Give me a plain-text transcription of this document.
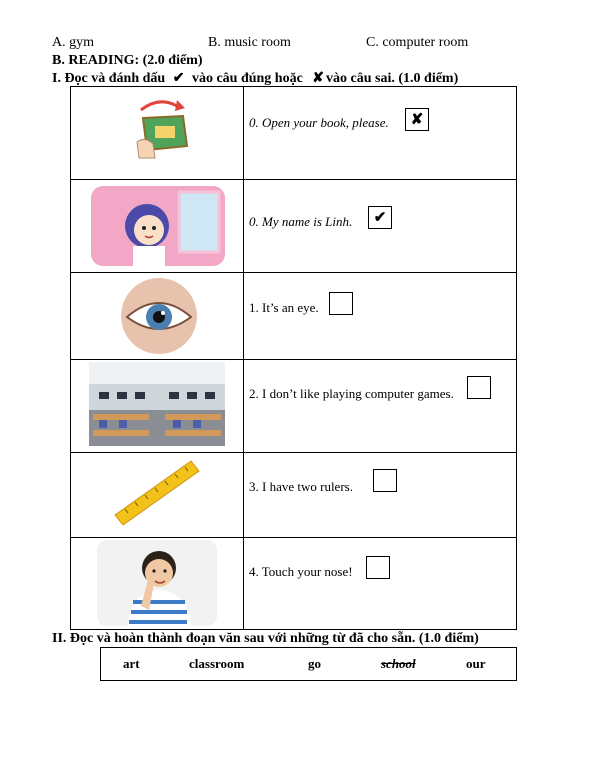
A. gym	B. music room	C. computer room
B. READING: (2.0 điểm)
I. Đọc và đánh dấu ✔ vào câu đúng hoặc ✘ vào câu sai. (1.0 điểm)
0. Open your book, please.	✘
0. My name is Linh.	✔
1. It’s an eye.
2. I don’t like playing computer games.
3. I have two rulers.
4. Touch your nose!
II. Đọc và hoàn thành đoạn văn sau với những từ đã cho sẵn. (1.0 điểm)
art	classroom	go	school	our
